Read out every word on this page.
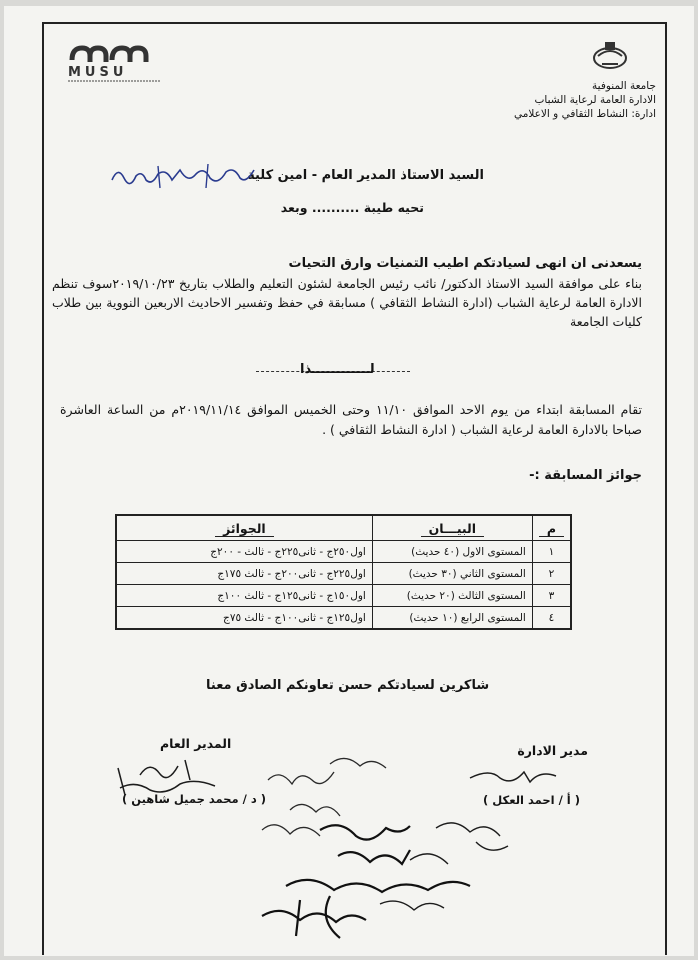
MUSU
جامعة المنوفية
الادارة العامة لرعاية الشباب
ادارة: النشاط الثقافي و الاعلامي
السيد الاستاذ المدير العام - امين كلية
تحيه طيبة .......... وبعد
يسعدنى ان انهى لسيادتكم اطيب التمنيات وارق التحيات
بناء على موافقة السيد الاستاذ الدكتور/ نائب رئيس الجامعة لشئون التعليم والطلاب بتاريخ ٢٠١٩/١٠/٢٣سوف تنظم الادارة العامة لرعاية الشباب (ادارة النشاط الثقافي ) مسابقة في حفظ وتفسير الاحاديث الاربعين النووية بين طلاب كليات الجامعة
لـــــــــــــذا
تقام المسابقة ابتداء من يوم الاحد الموافق ١١/١٠ وحتى الخميس الموافق ٢٠١٩/١١/١٤م من الساعة العاشرة صباحا بالادارة العامة لرعاية الشباب ( ادارة النشاط الثقافي ) .
جوائز المسابقة :-
م	البيـــان	الجوائز
١	المستوى الاول (٤٠ حديث)	اول٢٥٠ج - ثانى٢٢٥ج - ثالث - ٢٠٠ج
٢	المستوى الثاني (٣٠ حديث)	اول٢٢٥ج - ثانى٢٠٠ج - ثالث ١٧٥ج
٣	المستوى الثالث (٢٠ حديث)	اول١٥٠ج - ثانى١٢٥ج - ثالث ١٠٠ج
٤	المستوى الرابع (١٠ حديث)	اول١٢٥ج - ثانى١٠٠ج - ثالث ٧٥ج
شاكرين لسيادتكم حسن تعاونكم الصادق معنا
مدير الادارة
( أ / احمد العكل )
المدير العام
( د / محمد جميل شاهين )
